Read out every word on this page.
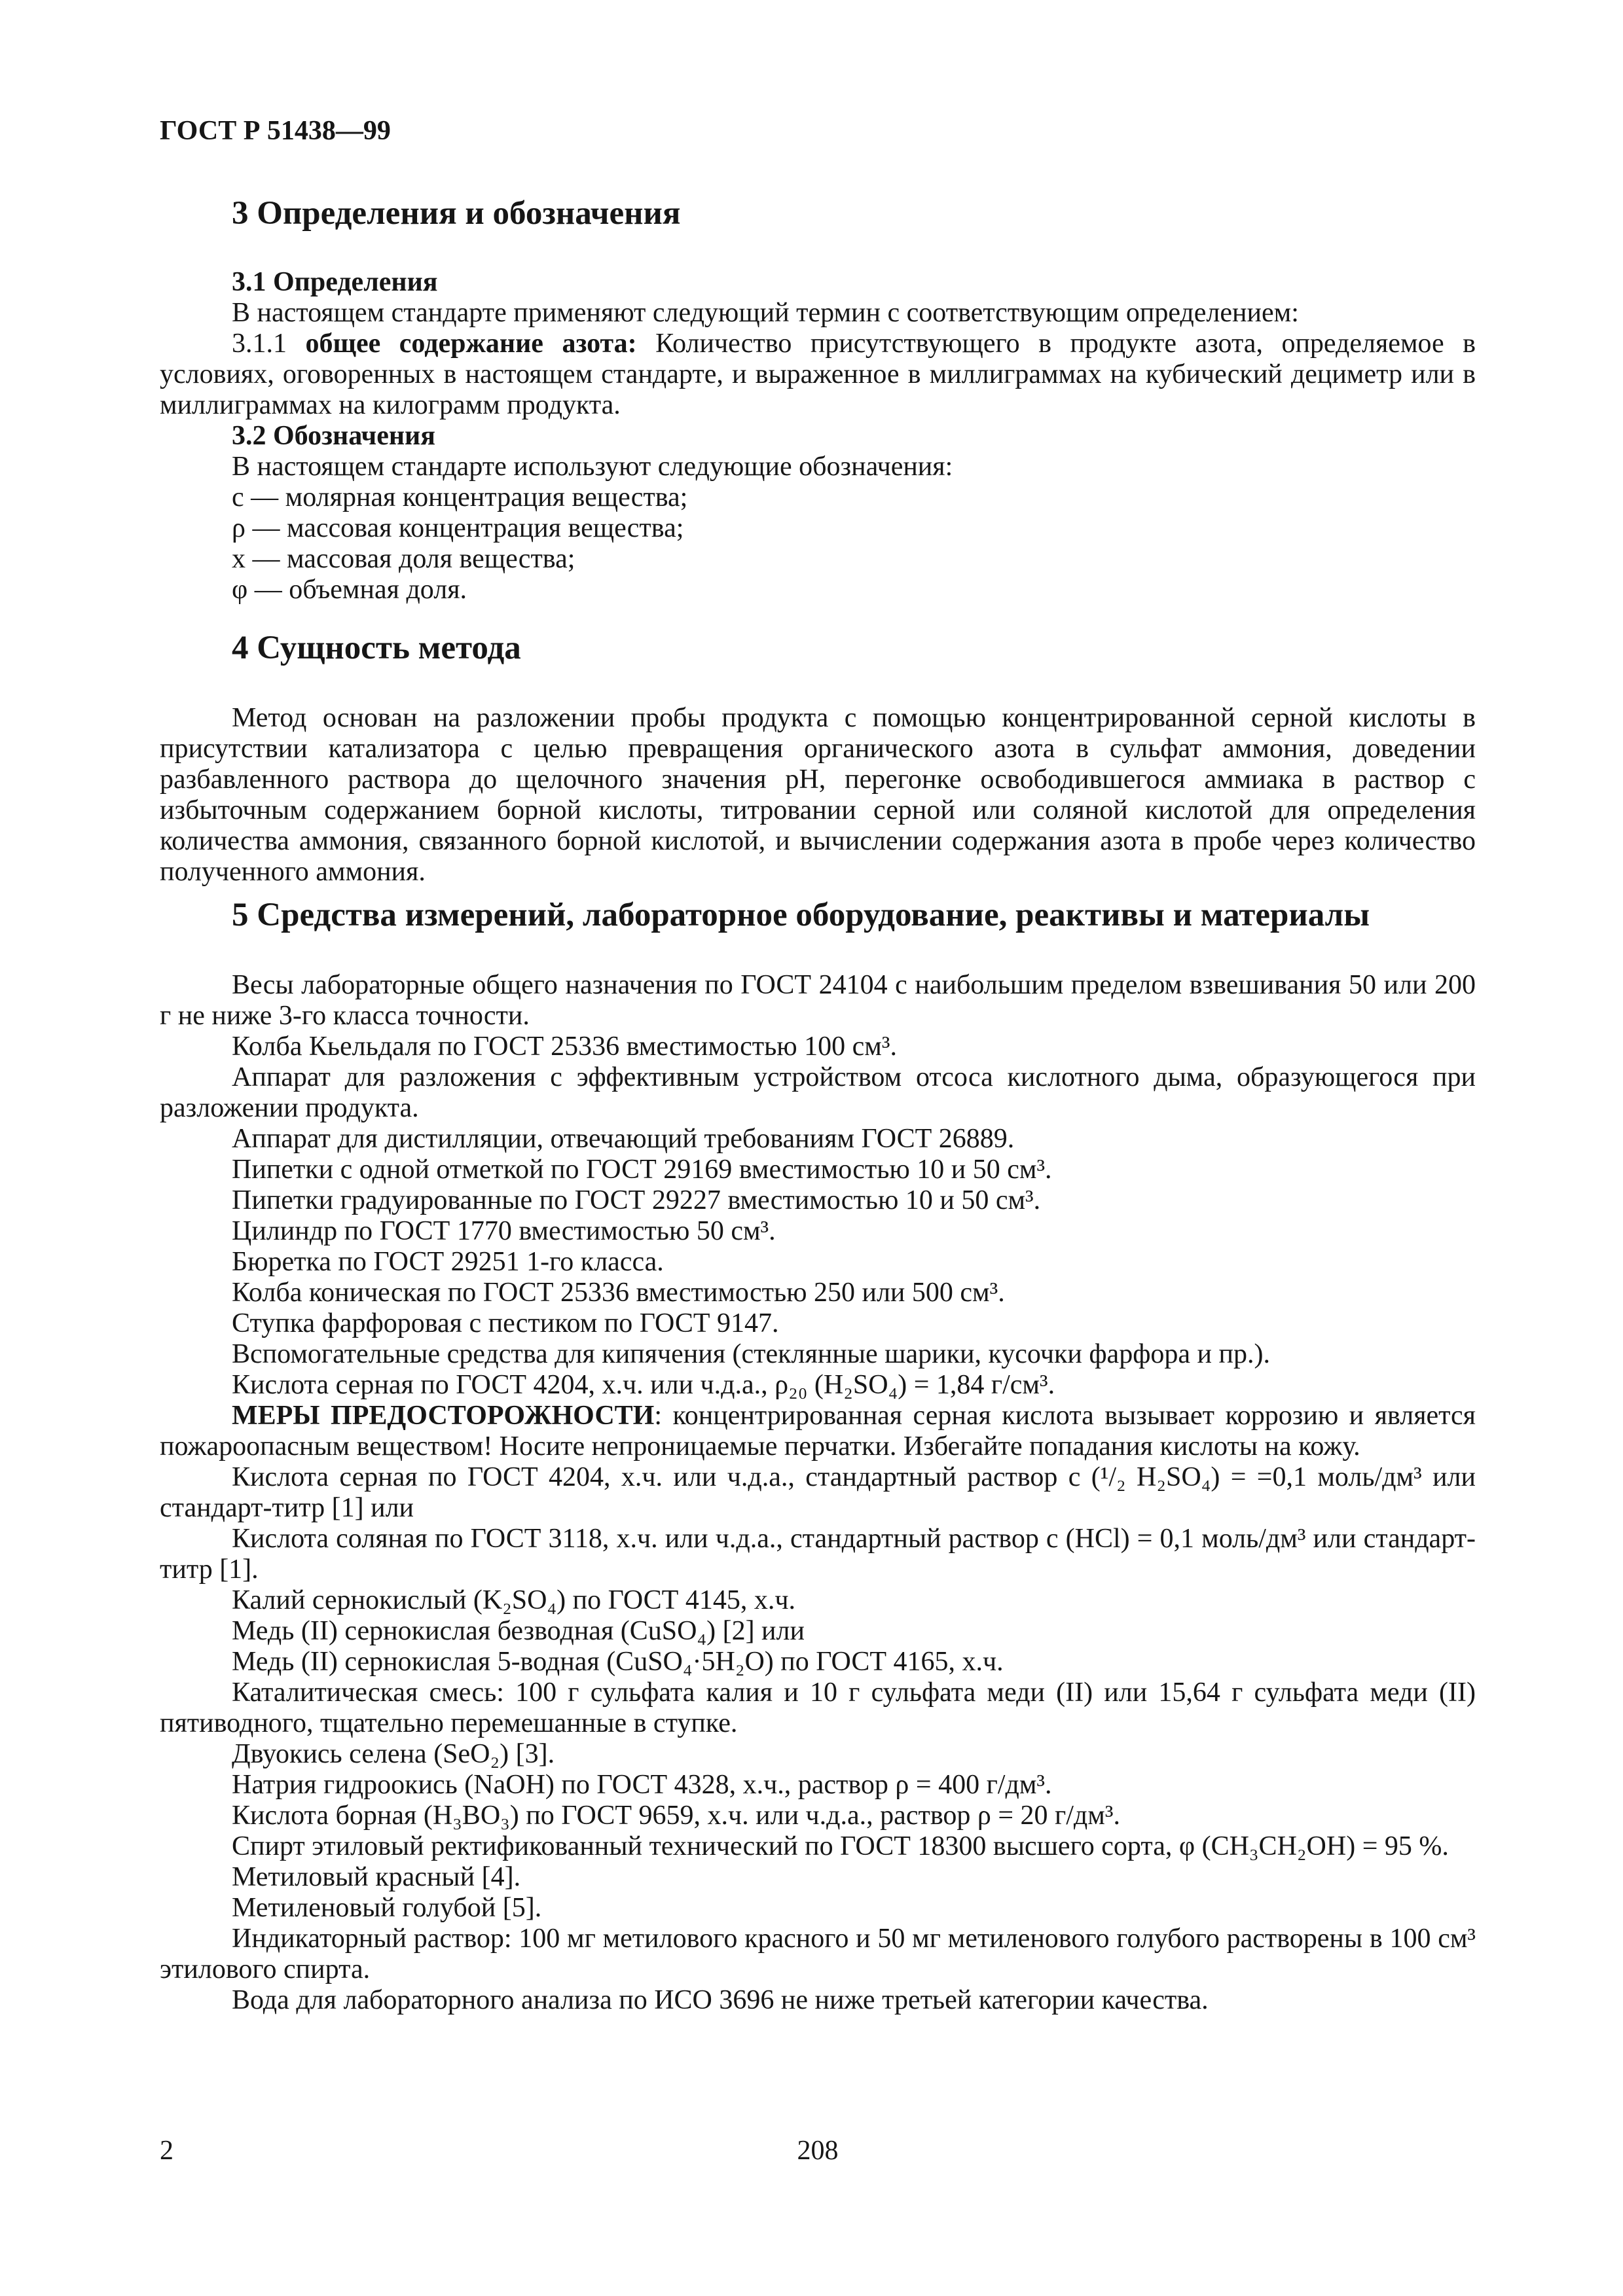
ГОСТ Р 51438—99
3 Определения и обозначения
3.1 Определения

В настоящем стандарте применяют следующий термин с соответствующим определением:

3.1.1 общее содержание азота: Количество присутствующего в продукте азота, определяемое в условиях, оговоренных в настоящем стандарте, и выраженное в миллиграммах на кубический дециметр или в миллиграммах на килограмм продукта.

3.2 Обозначения

В настоящем стандарте используют следующие обозначения:

c — молярная концентрация вещества;

ρ — массовая концентрация вещества;

x — массовая доля вещества;

φ — объемная доля.

4 Сущность метода

Метод основан на разложении пробы продукта с помощью концентрированной серной кислоты в присутствии катализатора с целью превращения органического азота в сульфат аммония, доведении разбавленного раствора до щелочного значения pH, перегонке освободившегося аммиака в раствор с избыточным содержанием борной кислоты, титровании серной или соляной кислотой для определения количества аммония, связанного борной кислотой, и вычислении содержания азота в пробе через количество полученного аммония.

5 Средства измерений, лабораторное оборудование, реактивы и материалы

Весы лабораторные общего назначения по ГОСТ 24104 с наибольшим пределом взвешивания 50 или 200 г не ниже 3-го класса точности.

Колба Кьельдаля по ГОСТ 25336 вместимостью 100 см³.

Аппарат для разложения с эффективным устройством отсоса кислотного дыма, образующегося при разложении продукта.

Аппарат для дистилляции, отвечающий требованиям ГОСТ 26889.

Пипетки с одной отметкой по ГОСТ 29169 вместимостью 10 и 50 см³.

Пипетки градуированные по ГОСТ 29227 вместимостью 10 и 50 см³.

Цилиндр по ГОСТ 1770 вместимостью 50 см³.

Бюретка по ГОСТ 29251 1-го класса.

Колба коническая по ГОСТ 25336 вместимостью 250 или 500 см³.

Ступка фарфоровая с пестиком по ГОСТ 9147.

Вспомогательные средства для кипячения (стеклянные шарики, кусочки фарфора и пр.).

Кислота серная по ГОСТ 4204, х.ч. или ч.д.а., ρ₂₀ (H₂SO₄) = 1,84 г/см³.

МЕРЫ ПРЕДОСТОРОЖНОСТИ: концентрированная серная кислота вызывает коррозию и является пожароопасным веществом! Носите непроницаемые перчатки. Избегайте попадания кислоты на кожу.

Кислота серная по ГОСТ 4204, х.ч. или ч.д.а., стандартный раствор c (¹/₂ H₂SO₄) = =0,1 моль/дм³ или стандарт-титр [1] или

Кислота соляная по ГОСТ 3118, х.ч. или ч.д.а., стандартный раствор c (HCl) = 0,1 моль/дм³ или стандарт-титр [1].

Калий сернокислый (K₂SO₄) по ГОСТ 4145, х.ч.

Медь (II) сернокислая безводная (CuSO₄) [2] или

Медь (II) сернокислая 5-водная (CuSO₄·5H₂O) по ГОСТ 4165, х.ч.

Каталитическая смесь: 100 г сульфата калия и 10 г сульфата меди (II) или 15,64 г сульфата меди (II) пятиводного, тщательно перемешанные в ступке.

Двуокись селена (SeO₂) [3].

Натрия гидроокись (NaOH) по ГОСТ 4328, х.ч., раствор ρ = 400 г/дм³.

Кислота борная (H₃BO₃) по ГОСТ 9659, х.ч. или ч.д.а., раствор ρ = 20 г/дм³.

Спирт этиловый ректификованный технический по ГОСТ 18300 высшего сорта, φ (CH₃CH₂OH) = 95 %.

Метиловый красный [4].

Метиленовый голубой [5].

Индикаторный раствор: 100 мг метилового красного и 50 мг метиленового голубого растворены в 100 см³ этилового спирта.

Вода для лабораторного анализа по ИСО 3696 не ниже третьей категории качества.

2	208
